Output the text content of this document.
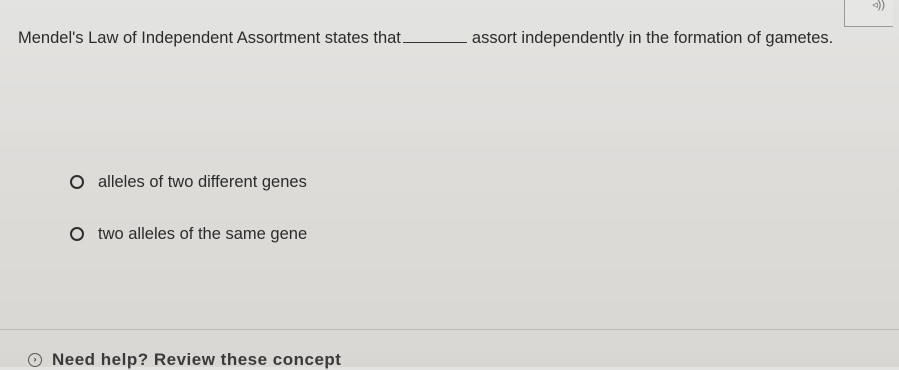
◃))
Mendel's Law of Independent Assortment states that	assort independently in the formation of gametes.
alleles of two different genes
two alleles of the same gene
› Need help? Review these concept
